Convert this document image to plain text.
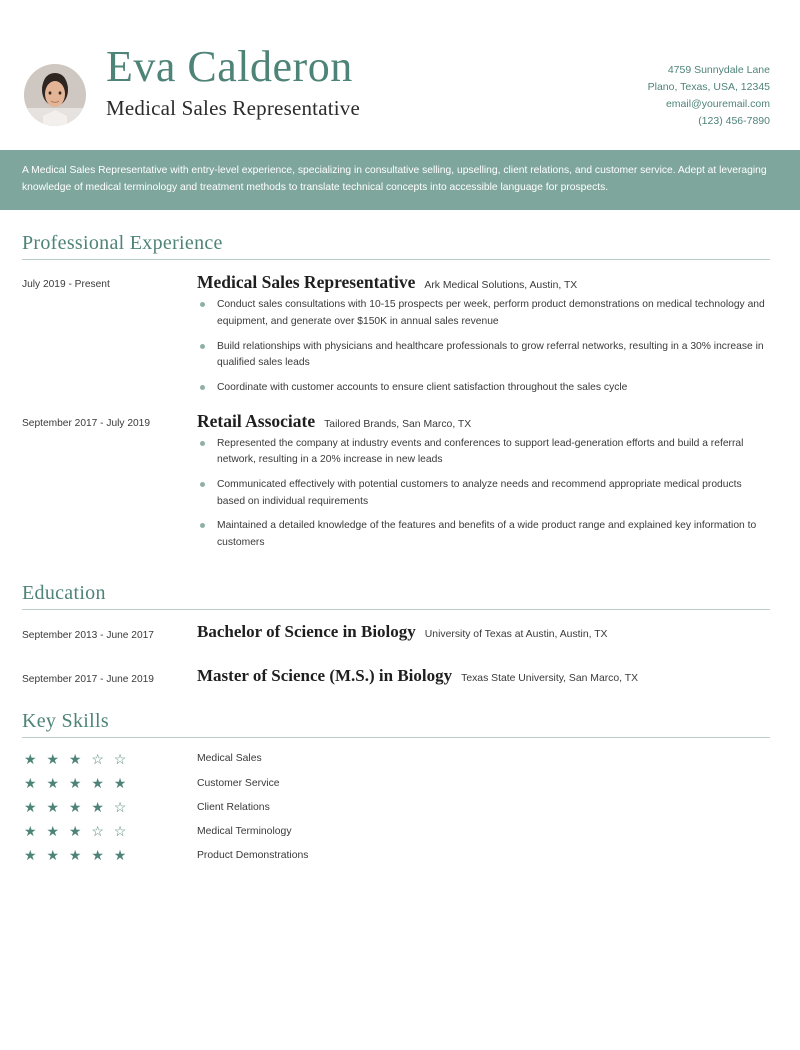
Eva Calderon
Medical Sales Representative
4759 Sunnydale Lane
Plano, Texas, USA, 12345
email@youremail.com
(123) 456-7890
A Medical Sales Representative with entry-level experience, specializing in consultative selling, upselling, client relations, and customer service. Adept at leveraging knowledge of medical terminology and treatment methods to translate technical concepts into accessible language for prospects.
Professional Experience
July 2019 - Present	Medical Sales Representative Ark Medical Solutions, Austin, TX
Conduct sales consultations with 10-15 prospects per week, perform product demonstrations on medical technology and equipment, and generate over $150K in annual sales revenue
Build relationships with physicians and healthcare professionals to grow referral networks, resulting in a 30% increase in qualified sales leads
Coordinate with customer accounts to ensure client satisfaction throughout the sales cycle
September 2017 - July 2019	Retail Associate Tailored Brands, San Marco, TX
Represented the company at industry events and conferences to support lead-generation efforts and build a referral network, resulting in a 20% increase in new leads
Communicated effectively with potential customers to analyze needs and recommend appropriate medical products based on individual requirements
Maintained a detailed knowledge of the features and benefits of a wide product range and explained key information to customers
Education
September 2013 - June 2017	Bachelor of Science in Biology University of Texas at Austin, Austin, TX
September 2017 - June 2019	Master of Science (M.S.) in Biology Texas State University, San Marco, TX
Key Skills
★ ★ ★ ☆ ☆	Medical Sales
★ ★ ★ ★ ★	Customer Service
★ ★ ★ ★ ☆	Client Relations
★ ★ ★ ☆ ☆	Medical Terminology
★ ★ ★ ★ ★	Product Demonstrations
